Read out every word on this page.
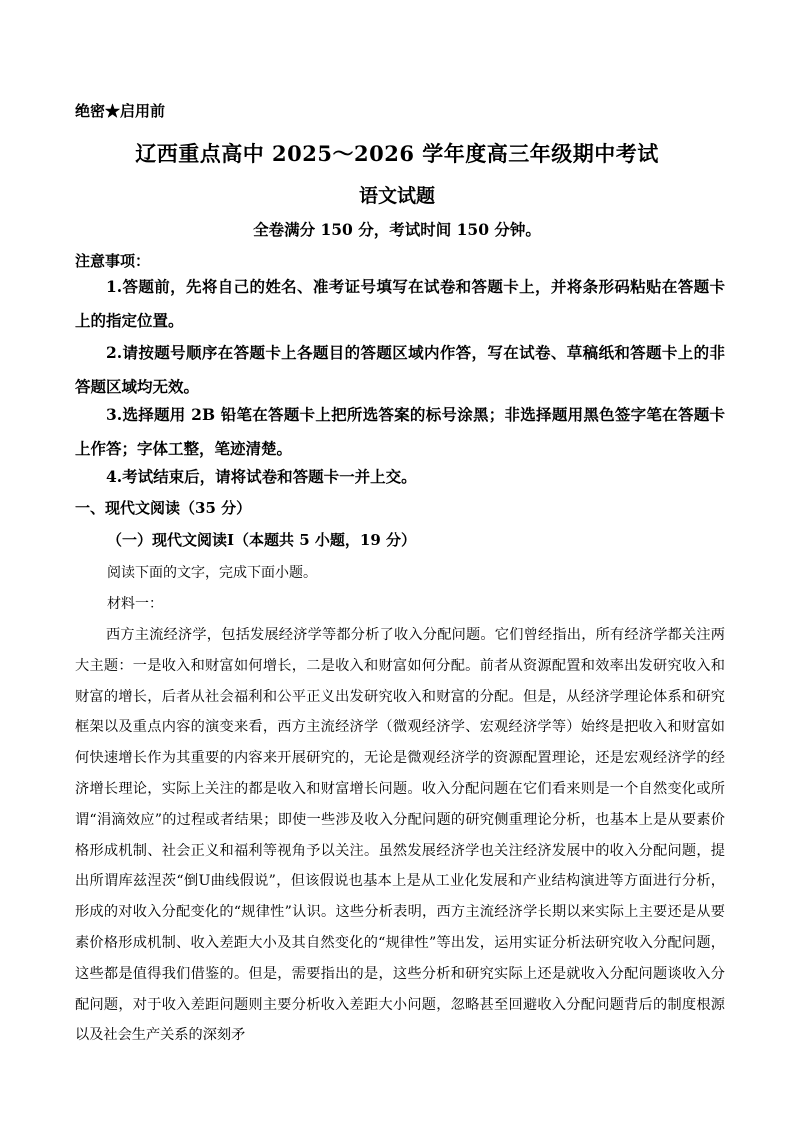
绝密★启用前
辽西重点高中 2025～2026 学年度高三年级期中考试
语文试题
全卷满分 150 分，考试时间 150 分钟。
注意事项：
1.答题前，先将自己的姓名、准考证号填写在试卷和答题卡上，并将条形码粘贴在答题卡上的指定位置。
2.请按题号顺序在答题卡上各题目的答题区域内作答，写在试卷、草稿纸和答题卡上的非答题区域均无效。
3.选择题用 2B 铅笔在答题卡上把所选答案的标号涂黑；非选择题用黑色签字笔在答题卡上作答；字体工整，笔迹清楚。
4.考试结束后，请将试卷和答题卡一并上交。
一、现代文阅读（35 分）
（一）现代文阅读Ⅰ（本题共 5 小题，19 分）
阅读下面的文字，完成下面小题。
材料一：
西方主流经济学，包括发展经济学等都分析了收入分配问题。它们曾经指出，所有经济学都关注两大主题：一是收入和财富如何增长，二是收入和财富如何分配。前者从资源配置和效率出发研究收入和财富的增长，后者从社会福利和公平正义出发研究收入和财富的分配。但是，从经济学理论体系和研究框架以及重点内容的演变来看，西方主流经济学（微观经济学、宏观经济学等）始终是把收入和财富如何快速增长作为其重要的内容来开展研究的，无论是微观经济学的资源配置理论，还是宏观经济学的经济增长理论，实际上关注的都是收入和财富增长问题。收入分配问题在它们看来则是一个自然变化或所谓“涓滴效应”的过程或者结果；即使一些涉及收入分配问题的研究侧重理论分析，也基本上是从要素价格形成机制、社会正义和福利等视角予以关注。虽然发展经济学也关注经济发展中的收入分配问题，提出所谓库兹涅茨“倒U曲线假说”，但该假说也基本上是从工业化发展和产业结构演进等方面进行分析，形成的对收入分配变化的“规律性”认识。这些分析表明，西方主流经济学长期以来实际上主要还是从要素价格形成机制、收入差距大小及其自然变化的“规律性”等出发，运用实证分析法研究收入分配问题，这些都是值得我们借鉴的。但是，需要指出的是，这些分析和研究实际上还是就收入分配问题谈收入分配问题，对于收入差距问题则主要分析收入差距大小问题，忽略甚至回避收入分配问题背后的制度根源以及社会生产关系的深刻矛
